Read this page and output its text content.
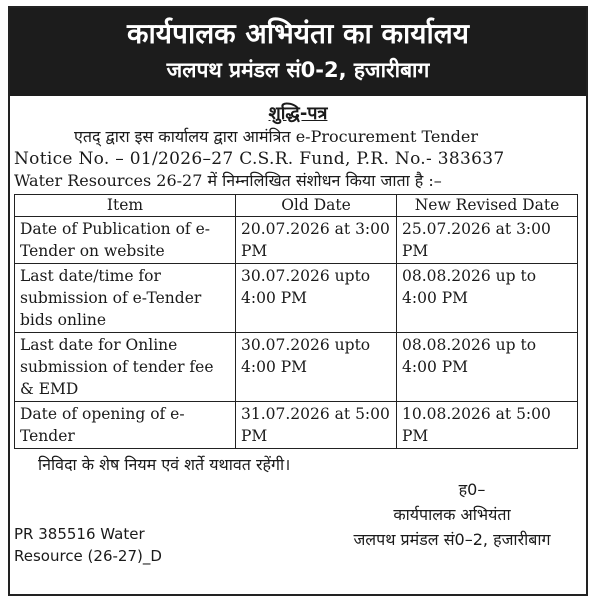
कार्यपालक अभियंता का कार्यालय
जलपथ प्रमंडल सं0-2, हजारीबाग
शुद्धि-पत्र
एतद् द्वारा इस कार्यालय द्वारा आमंत्रित e-Procurement Tender
Notice No. – 01/2026–27 C.S.R. Fund, P.R. No.- 383637
Water Resources 26-27 में निम्नलिखित संशोधन किया जाता है :–
Item	Old Date	New Revised Date
Date of Publication of e-Tender on website	20.07.2026 at 3:00 PM	25.07.2026 at 3:00 PM
Last date/time for submission of e-Tender bids online	30.07.2026 upto 4:00 PM	08.08.2026 up to 4:00 PM
Last date for Online submission of tender fee & EMD	30.07.2026 upto 4:00 PM	08.08.2026 up to 4:00 PM
Date of opening of e-Tender	31.07.2026 at 5:00 PM	10.08.2026 at 5:00 PM
निविदा के शेष नियम एवं शर्ते यथावत रहेंगी।
PR 385516 Water
Resource (26-27)_D
ह0–
कार्यपालक अभियंता
जलपथ प्रमंडल सं0–2, हजारीबाग
